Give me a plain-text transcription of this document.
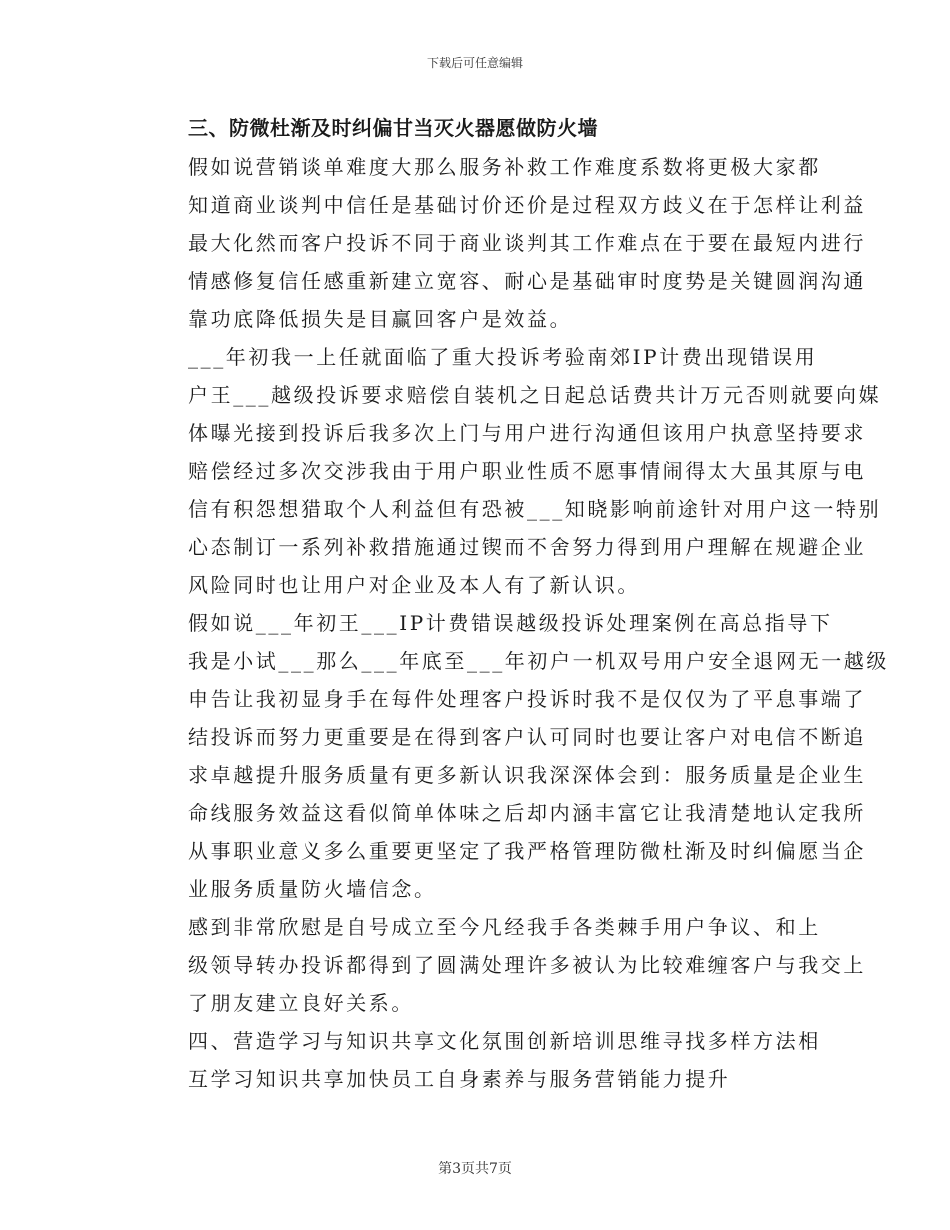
下载后可任意编辑
三、防微杜渐及时纠偏甘当灭火器愿做防火墙
假如说营销谈单难度大那么服务补救工作难度系数将更极大家都
知道商业谈判中信任是基础讨价还价是过程双方歧义在于怎样让利益
最大化然而客户投诉不同于商业谈判其工作难点在于要在最短内进行
情感修复信任感重新建立宽容、耐心是基础审时度势是关键圆润沟通
靠功底降低损失是目赢回客户是效益。
___年初我一上任就面临了重大投诉考验南郊IP计费出现错误用
户王___越级投诉要求赔偿自装机之日起总话费共计万元否则就要向媒
体曝光接到投诉后我多次上门与用户进行沟通但该用户执意坚持要求
赔偿经过多次交涉我由于用户职业性质不愿事情闹得太大虽其原与电
信有积怨想猎取个人利益但有恐被___知晓影响前途针对用户这一特别
心态制订一系列补救措施通过锲而不舍努力得到用户理解在规避企业
风险同时也让用户对企业及本人有了新认识。
假如说___年初王___IP计费错误越级投诉处理案例在高总指导下
我是小试___那么___年底至___年初户一机双号用户安全退网无一越级
申告让我初显身手在每件处理客户投诉时我不是仅仅为了平息事端了
结投诉而努力更重要是在得到客户认可同时也要让客户对电信不断追
求卓越提升服务质量有更多新认识我深深体会到：服务质量是企业生
命线服务效益这看似简单体味之后却内涵丰富它让我清楚地认定我所
从事职业意义多么重要更坚定了我严格管理防微杜渐及时纠偏愿当企
业服务质量防火墙信念。
感到非常欣慰是自号成立至今凡经我手各类棘手用户争议、和上
级领导转办投诉都得到了圆满处理许多被认为比较难缠客户与我交上
了朋友建立良好关系。
四、营造学习与知识共享文化氛围创新培训思维寻找多样方法相
互学习知识共享加快员工自身素养与服务营销能力提升
第3页共7页
